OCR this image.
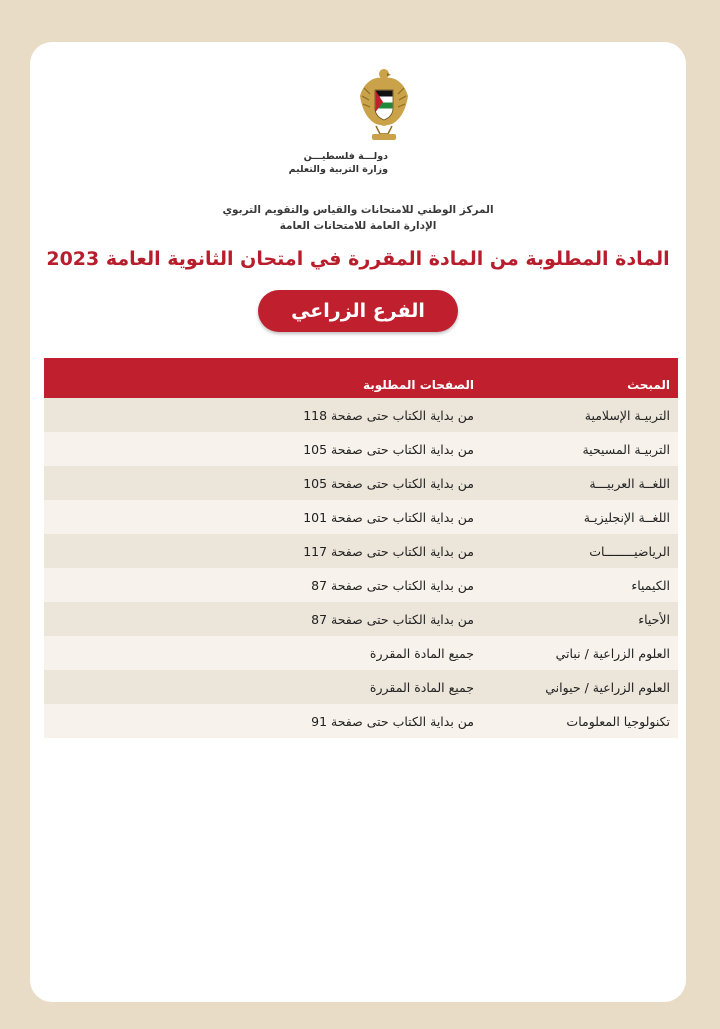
دولـــة فلسطيـــن
وزارة التربية والتعليم
المركز الوطني للامتحانات والقياس والتقويم التربوي
الإدارة العامة للامتحانات العامة
المادة المطلوبة من المادة المقررة في امتحان الثانوية العامة 2023
الفرع الزراعي
المبحث	الصفحات المطلوبة
التربيـة الإسلامية	من بداية الكتاب حتى صفحة 118
التربيـة المسيحية	من بداية الكتاب حتى صفحة 105
اللغــة العربيـــة	من بداية الكتاب حتى صفحة 105
اللغــة الإنجليزيـة	من بداية الكتاب حتى صفحة 101
الرياضيــــــــات	من بداية الكتاب حتى صفحة 117
الكيمياء	من بداية الكتاب حتى صفحة 87
الأحياء	من بداية الكتاب حتى صفحة 87
العلوم الزراعية / نباتي	جميع المادة المقررة
العلوم الزراعية / حيواني	جميع المادة المقررة
تكنولوجيا المعلومات	من بداية الكتاب حتى صفحة 91
